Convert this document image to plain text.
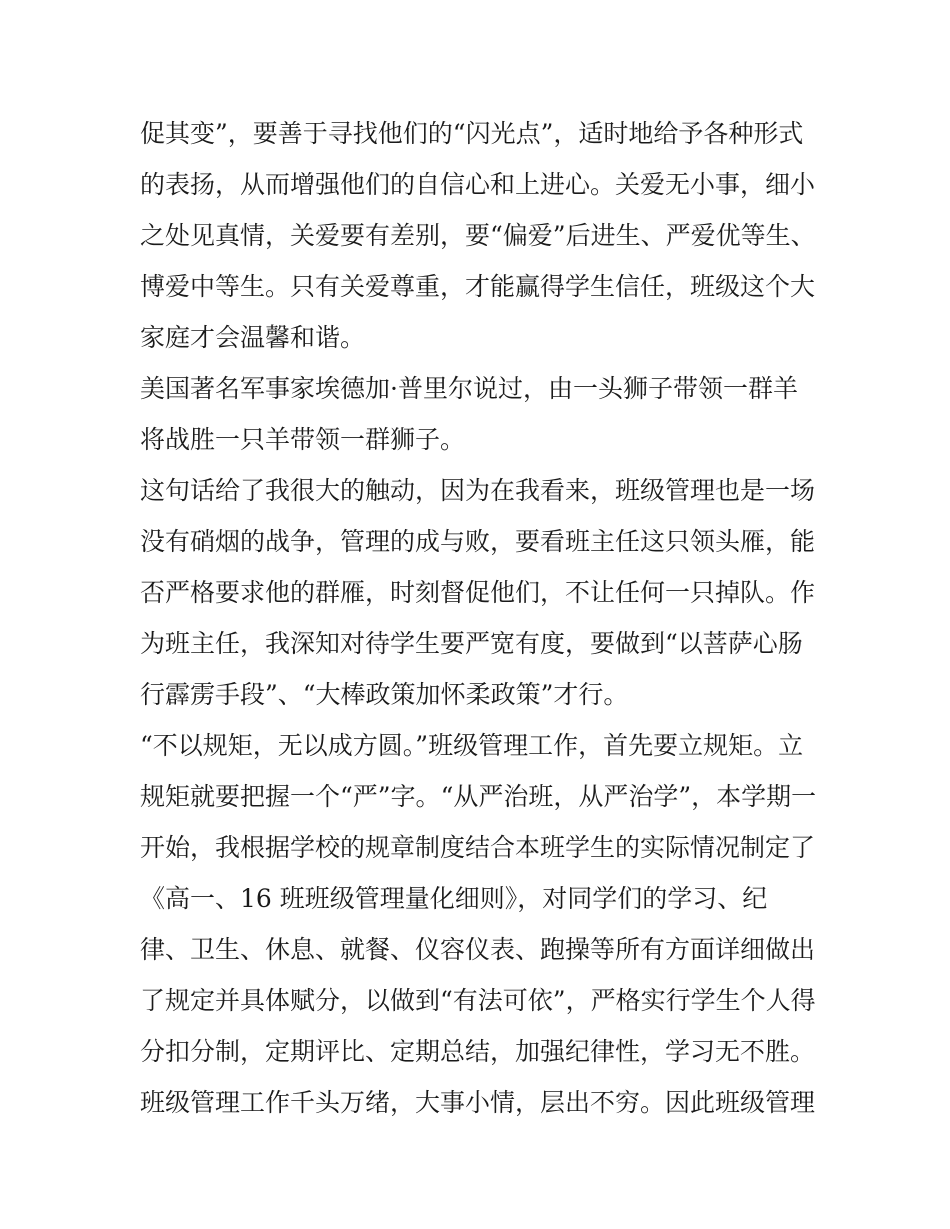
促其变”，要善于寻找他们的“闪光点”，适时地给予各种形式
的表扬，从而增强他们的自信心和上进心。关爱无小事，细小
之处见真情，关爱要有差别，要“偏爱”后进生、严爱优等生、
博爱中等生。只有关爱尊重，才能赢得学生信任，班级这个大
家庭才会温馨和谐。
美国著名军事家埃德加·普里尔说过，由一头狮子带领一群羊
将战胜一只羊带领一群狮子。
这句话给了我很大的触动，因为在我看来，班级管理也是一场
没有硝烟的战争，管理的成与败，要看班主任这只领头雁，能
否严格要求他的群雁，时刻督促他们，不让任何一只掉队。作
为班主任，我深知对待学生要严宽有度，要做到“以菩萨心肠
行霹雳手段”、“大棒政策加怀柔政策”才行。
“不以规矩，无以成方圆。”班级管理工作，首先要立规矩。立
规矩就要把握一个“严”字。“从严治班，从严治学”，本学期一
开始，我根据学校的规章制度结合本班学生的实际情况制定了
《高一、16 班班级管理量化细则》，对同学们的学习、纪
律、卫生、休息、就餐、仪容仪表、跑操等所有方面详细做出
了规定并具体赋分，以做到“有法可依”，严格实行学生个人得
分扣分制，定期评比、定期总结，加强纪律性，学习无不胜。
班级管理工作千头万绪，大事小情，层出不穷。因此班级管理
